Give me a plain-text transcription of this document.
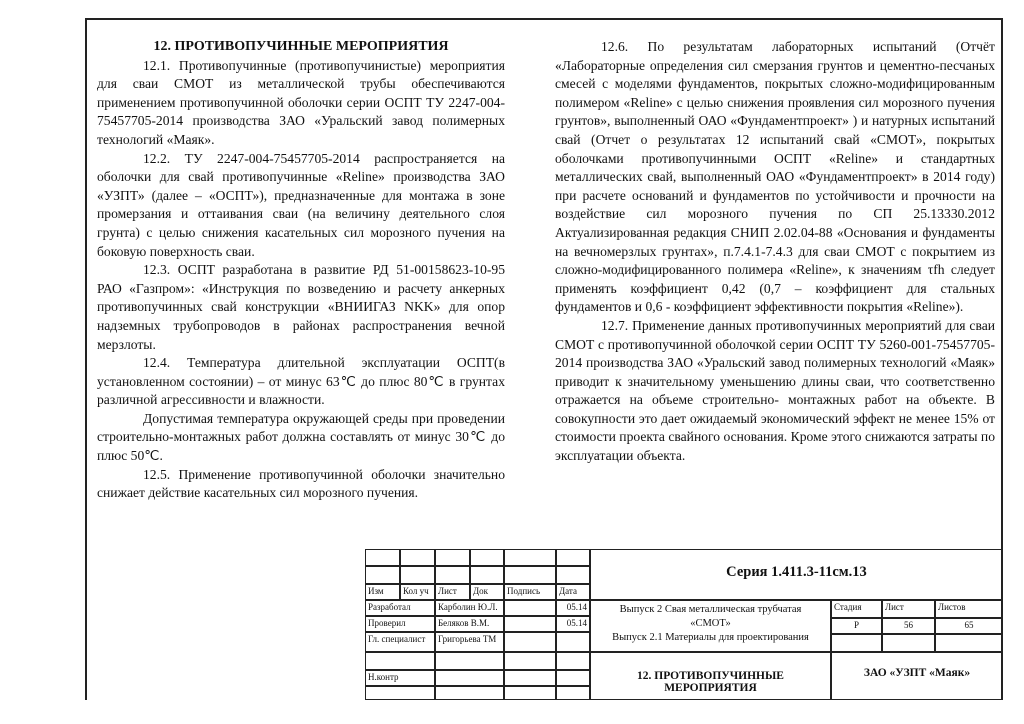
12. ПРОТИВОПУЧИННЫЕ МЕРОПРИЯТИЯ

12.1. Противопучинные (противопучинистые) мероприятия для сваи СМОТ из металлической трубы обеспечиваются применением противопучинной оболочки серии ОСПТ ТУ 2247-004-75457705-2014 производства ЗАО «Уральский завод полимерных технологий «Маяк».

12.2. ТУ 2247-004-75457705-2014 распространяется на оболочки для свай противопучинные «Reline» производства ЗАО «УЗПТ» (далее – «ОСПТ»), предназначенные для монтажа в зоне промерзания и оттаивания сваи (на величину деятельного слоя грунта) с целью снижения касательных сил морозного пучения на боковую поверхность сваи.

12.3. ОСПТ разработана в развитие РД 51-00158623-10-95 РАО «Газпром»: «Инструкция по возведению и расчету анкерных противопучинных свай конструкции «ВНИИГАЗ NKK» для опор надземных трубопроводов в районах распространения вечной мерзлоты.

12.4. Температура длительной эксплуатации ОСПТ(в установленном состоянии) – от минус 63℃ до плюс 80℃ в грунтах различной агрессивности и влажности.

Допустимая температура окружающей среды при проведении строительно-монтажных работ должна составлять от минус 30℃ до плюс 50℃.

12.5. Применение противопучинной оболочки значительно снижает действие касательных сил морозного пучения.

12.6. По результатам лабораторных испытаний (Отчёт «Лабораторные определения сил смерзания грунтов и цементно-песчаных смесей с моделями фундаментов, покрытых сложно-модифицированным полимером «Reline» с целью снижения проявления сил морозного пучения грунтов», выполненный ОАО «Фундаментпроект» ) и натурных испытаний свай (Отчет о результатах 12 испытаний свай «СМОТ», покрытых оболочками противопучинными ОСПТ «Reline» и стандартных металлических свай, выполненный ОАО «Фундаментпроект» в 2014 году) при расчете оснований и фундаментов по устойчивости и прочности на воздействие сил морозного пучения по СП 25.13330.2012 Актуализированная редакция СНИП 2.02.04-88 «Основания и фундаменты на вечномерзлых грунтах», п.7.4.1-7.4.3 для сваи СМОТ с покрытием из сложно-модифицированного полимера «Reline», к значениям τfh следует применять коэффициент 0,42 (0,7 – коэффициент для стальных фундаментов и 0,6 - коэффициент эффективности покрытия «Reline»).

12.7. Применение данных противопучинных мероприятий для сваи СМОТ с противопучинной оболочкой серии ОСПТ ТУ 5260-001-75457705-2014 производства ЗАО «Уральский завод полимерных технологий «Маяк» приводит к значительному уменьшению длины сваи, что соответственно отражается на объеме строительно- монтажных работ на объекте. В совокупности это дает ожидаемый экономический эффект не менее 15% от стоимости проекта свайного основания. Кроме этого снижаются затраты по эксплуатации объекта.

Изм	Кол уч	Лист	Док	Подпись	Дата
Разработал	Карболин Ю.Л.	05.14
Проверил	Беляков В.М.	05.14
Гл. специалист	Григорьева ТМ
Н.контр
Серия 1.411.3-11см.13
Выпуск 2 Свая металлическая трубчатая
«СМОТ»
Выпуск 2.1 Материалы для проектирования
Стадия	Лист	Листов
Р	56	65
12. ПРОТИВОПУЧИННЫЕ МЕРОПРИЯТИЯ
ЗАО «УЗПТ «Маяк»
